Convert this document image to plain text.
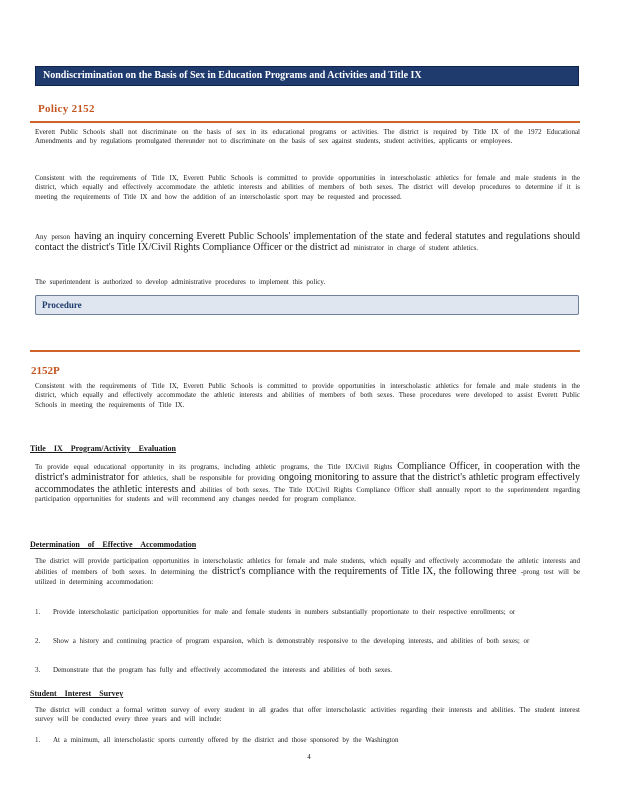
Nondiscrimination on the Basis of Sex in Education Programs and Activities and Title IX
Policy 2152
Everett Public Schools shall not discriminate on the basis of sex in its educational programs or activities. The district is required by Title IX of the 1972 Educational Amendments and by regulations promulgated thereunder not to discriminate on the basis of sex against students, student activities, applicants or employees.
Consistent with the requirements of Title IX, Everett Public Schools is committed to provide opportunities in interscholastic athletics for female and male students in the district, which equally and effectively accommodate the athletic interests and abilities of members of both sexes. The district will develop procedures to determine if it is meeting the requirements of Title IX and how the addition of an interscholastic sport may be requested and processed.
Any person having an inquiry concerning Everett Public Schools' implementation of the state and federal statutes and regulations should contact the district's Title IX/Civil Rights Compliance Officer or the district ad ministrator in charge of student athletics.
The superintendent is authorized to develop administrative procedures to implement this policy.
Procedure
2152P
Consistent with the requirements of Title IX, Everett Public Schools is committed to provide opportunities in interscholastic athletics for female and male students in the district, which equally and effectively accommodate the athletic interests and abilities of members of both sexes. These procedures were developed to assist Everett Public Schools in meeting the requirements of Title IX.
Title IX Program/Activity Evaluation
To provide equal educational opportunity in its programs, including athletic programs, the Title IX/Civil Rights Compliance Officer, in cooperation with the district's administrator for athletics, shall be responsible for providing ongoing monitoring to assure that the district's athletic program effectively accommodates the athletic interests and abilities of both sexes. The Title IX/Civil Rights Compliance Officer shall annually report to the superintendent regarding participation opportunities for students and will recommend any changes needed for program compliance.
Determination of Effective Accommodation
The district will provide participation opportunities in interscholastic athletics for female and male students, which equally and effectively accommodate the athletic interests and abilities of members of both sexes. In determining the district's compliance with the requirements of Title IX, the following three -prong test will be utilized in determining accommodation:
1. Provide interscholastic participation opportunities for male and female students in numbers substantially proportionate to their respective enrollments; or
2. Show a history and continuing practice of program expansion, which is demonstrably responsive to the developing interests, and abilities of both sexes; or
3. Demonstrate that the program has fully and effectively accommodated the interests and abilities of both sexes.
Student Interest Survey
The district will conduct a formal written survey of every student in all grades that offer interscholastic activities regarding their interests and abilities. The student interest survey will be conducted every three years and will include:
1. At a minimum, all interscholastic sports currently offered by the district and those sponsored by the Washington
4
